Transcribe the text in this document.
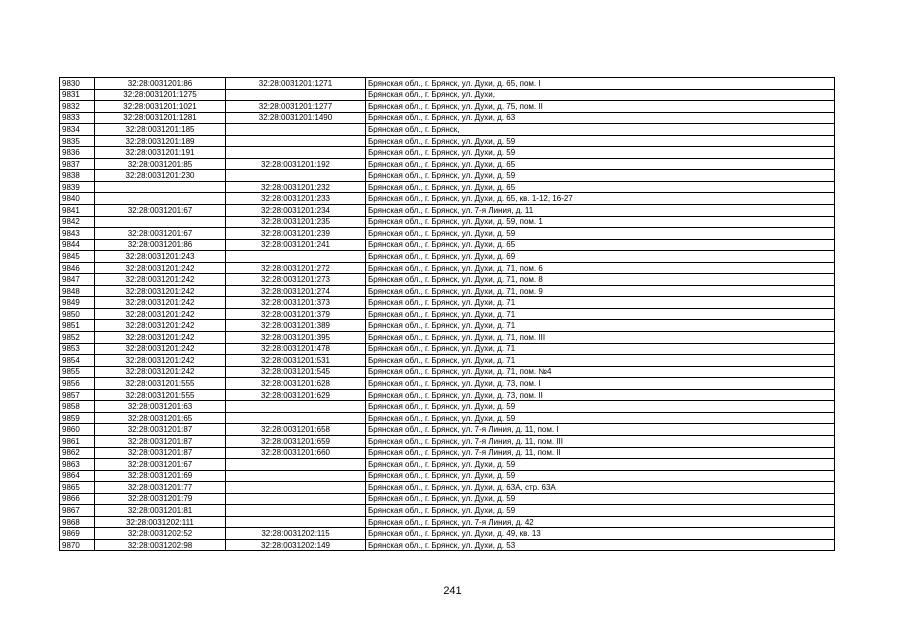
9830	32:28:0031201:86	32:28:0031201:1271	Брянская обл., г. Брянск, ул. Духи, д. 65, пом. I
9831	32:28:0031201:1275		Брянская обл., г. Брянск, ул. Духи,
9832	32:28:0031201:1021	32:28:0031201:1277	Брянская обл., г. Брянск, ул. Духи, д. 75, пом. II
9833	32:28:0031201:1281	32:28:0031201:1490	Брянская обл., г. Брянск, ул. Духи, д. 63
9834	32:28:0031201:185		Брянская обл., г. Брянск,
9835	32:28:0031201:189		Брянская обл., г. Брянск, ул. Духи, д. 59
9836	32:28:0031201:191		Брянская обл., г. Брянск, ул. Духи, д. 59
9837	32:28:0031201:85	32:28:0031201:192	Брянская обл., г. Брянск, ул. Духи, д. 65
9838	32:28:0031201:230		Брянская обл., г. Брянск, ул. Духи, д. 59
9839		32:28:0031201:232	Брянская обл., г. Брянск, ул. Духи, д. 65
9840		32:28:0031201:233	Брянская обл., г. Брянск, ул. Духи, д. 65, кв. 1-12, 16-27
9841	32:28:0031201:67	32:28:0031201:234	Брянская обл., г. Брянск, ул. 7-я Линия, д. 11
9842		32:28:0031201:235	Брянская обл., г. Брянск, ул. Духи, д. 59, пом. 1
9843	32:28:0031201:67	32:28:0031201:239	Брянская обл., г. Брянск, ул. Духи, д. 59
9844	32:28:0031201:86	32:28:0031201:241	Брянская обл., г. Брянск, ул. Духи, д. 65
9845	32:28:0031201:243		Брянская обл., г. Брянск, ул. Духи, д. 69
9846	32:28:0031201:242	32:28:0031201:272	Брянская обл., г. Брянск, ул. Духи, д. 71, пом. 6
9847	32:28:0031201:242	32:28:0031201:273	Брянская обл., г. Брянск, ул. Духи, д. 71, пом. 8
9848	32:28:0031201:242	32:28:0031201:274	Брянская обл., г. Брянск, ул. Духи, д. 71, пом. 9
9849	32:28:0031201:242	32:28:0031201:373	Брянская обл., г. Брянск, ул. Духи, д. 71
9850	32:28:0031201:242	32:28:0031201:379	Брянская обл., г. Брянск, ул. Духи, д. 71
9851	32:28:0031201:242	32:28:0031201:389	Брянская обл., г. Брянск, ул. Духи, д. 71
9852	32:28:0031201:242	32:28:0031201:395	Брянская обл., г. Брянск, ул. Духи, д. 71, пом. III
9853	32:28:0031201:242	32:28:0031201:478	Брянская обл., г. Брянск, ул. Духи, д. 71
9854	32:28:0031201:242	32:28:0031201:531	Брянская обл., г. Брянск, ул. Духи, д. 71
9855	32:28:0031201:242	32:28:0031201:545	Брянская обл., г. Брянск, ул. Духи, д. 71, пом. №4
9856	32:28:0031201:555	32:28:0031201:628	Брянская обл., г. Брянск, ул. Духи, д. 73, пом. I
9857	32:28:0031201:555	32:28:0031201:629	Брянская обл., г. Брянск, ул. Духи, д. 73, пом. II
9858	32:28:0031201:63		Брянская обл., г. Брянск, ул. Духи, д. 59
9859	32:28:0031201:65		Брянская обл., г. Брянск, ул. Духи, д. 59
9860	32:28:0031201:87	32:28:0031201:658	Брянская обл., г. Брянск, ул. 7-я Линия, д. 11, пом. I
9861	32:28:0031201:87	32:28:0031201:659	Брянская обл., г. Брянск, ул. 7-я Линия, д. 11, пом. III
9862	32:28:0031201:87	32:28:0031201:660	Брянская обл., г. Брянск, ул. 7-я Линия, д. 11, пом. II
9863	32:28:0031201:67		Брянская обл., г. Брянск, ул. Духи, д. 59
9864	32:28:0031201:69		Брянская обл., г. Брянск, ул. Духи, д. 59
9865	32:28:0031201:77		Брянская обл., г. Брянск, ул. Духи, д. 63А, стр. 63А
9866	32:28:0031201:79		Брянская обл., г. Брянск, ул. Духи, д. 59
9867	32:28:0031201:81		Брянская обл., г. Брянск, ул. Духи, д. 59
9868	32:28:0031202:111		Брянская обл., г. Брянск, ул. 7-я Линия, д. 42
9869	32:28:0031202:52	32:28:0031202:115	Брянская обл., г. Брянск, ул. Духи, д. 49, кв. 13
9870	32:28:0031202:98	32:28:0031202:149	Брянская обл., г. Брянск, ул. Духи, д. 53
241
